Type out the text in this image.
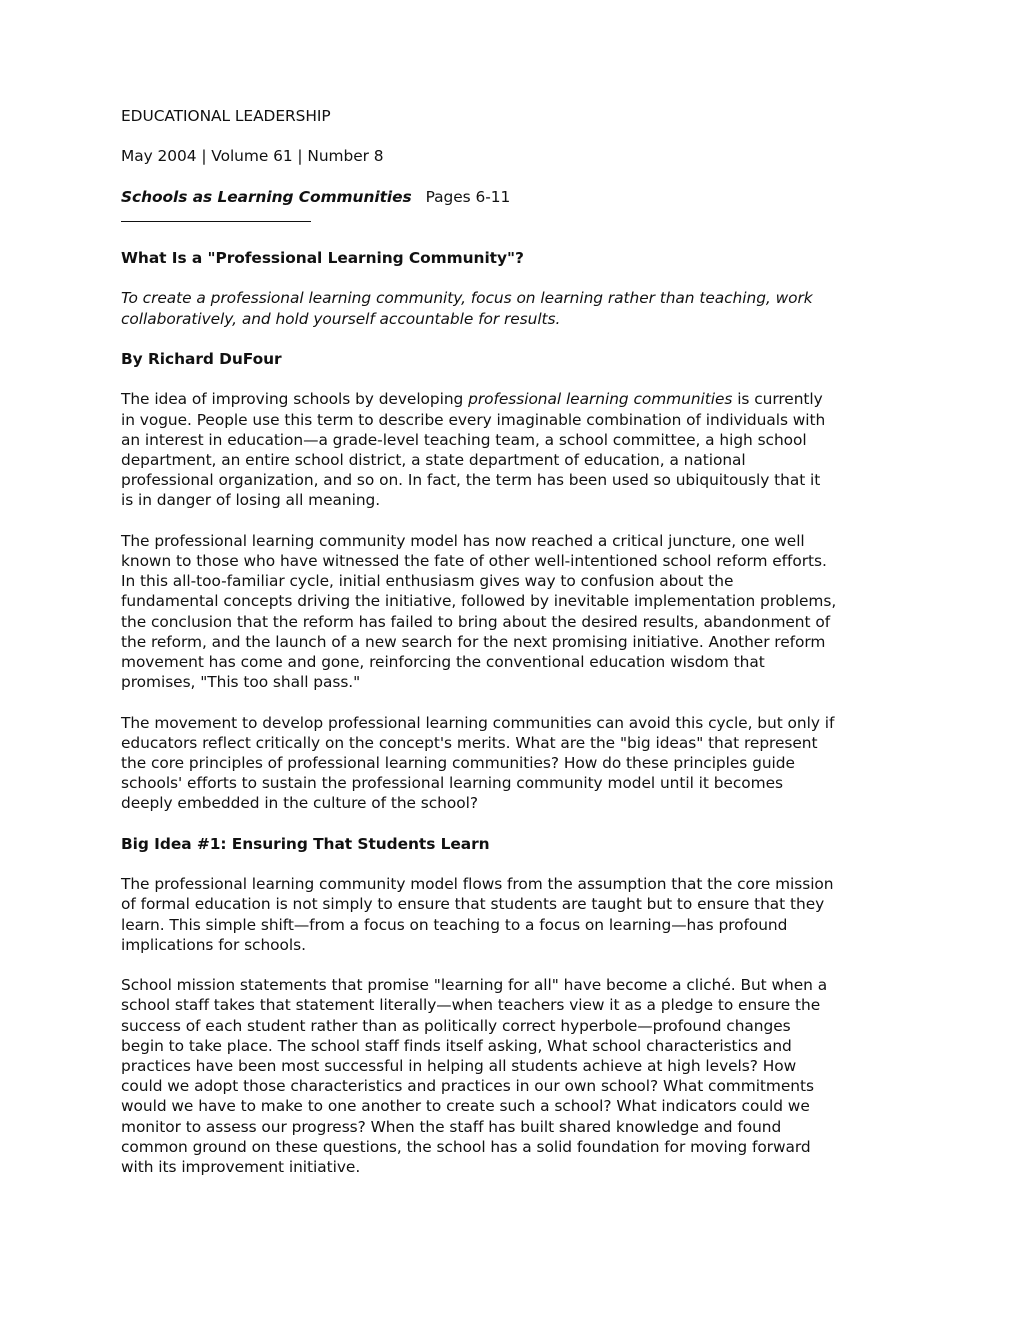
EDUCATIONAL LEADERSHIP
May 2004 | Volume 61 | Number 8
Schools as Learning Communities Pages 6-11
What Is a "Professional Learning Community"?

To create a professional learning community, focus on learning rather than teaching, work
collaboratively, and hold yourself accountable for results.

By Richard DuFour

The idea of improving schools by developing professional learning communities is currently
in vogue. People use this term to describe every imaginable combination of individuals with
an interest in education—a grade-level teaching team, a school committee, a high school
department, an entire school district, a state department of education, a national
professional organization, and so on. In fact, the term has been used so ubiquitously that it
is in danger of losing all meaning.

The professional learning community model has now reached a critical juncture, one well
known to those who have witnessed the fate of other well-intentioned school reform efforts.
In this all-too-familiar cycle, initial enthusiasm gives way to confusion about the
fundamental concepts driving the initiative, followed by inevitable implementation problems,
the conclusion that the reform has failed to bring about the desired results, abandonment of
the reform, and the launch of a new search for the next promising initiative. Another reform
movement has come and gone, reinforcing the conventional education wisdom that
promises, "This too shall pass."

The movement to develop professional learning communities can avoid this cycle, but only if
educators reflect critically on the concept's merits. What are the "big ideas" that represent
the core principles of professional learning communities? How do these principles guide
schools' efforts to sustain the professional learning community model until it becomes
deeply embedded in the culture of the school?

Big Idea #1: Ensuring That Students Learn

The professional learning community model flows from the assumption that the core mission
of formal education is not simply to ensure that students are taught but to ensure that they
learn. This simple shift—from a focus on teaching to a focus on learning—has profound
implications for schools.

School mission statements that promise "learning for all" have become a cliché. But when a
school staff takes that statement literally—when teachers view it as a pledge to ensure the
success of each student rather than as politically correct hyperbole—profound changes
begin to take place. The school staff finds itself asking, What school characteristics and
practices have been most successful in helping all students achieve at high levels? How
could we adopt those characteristics and practices in our own school? What commitments
would we have to make to one another to create such a school? What indicators could we
monitor to assess our progress? When the staff has built shared knowledge and found
common ground on these questions, the school has a solid foundation for moving forward
with its improvement initiative.
